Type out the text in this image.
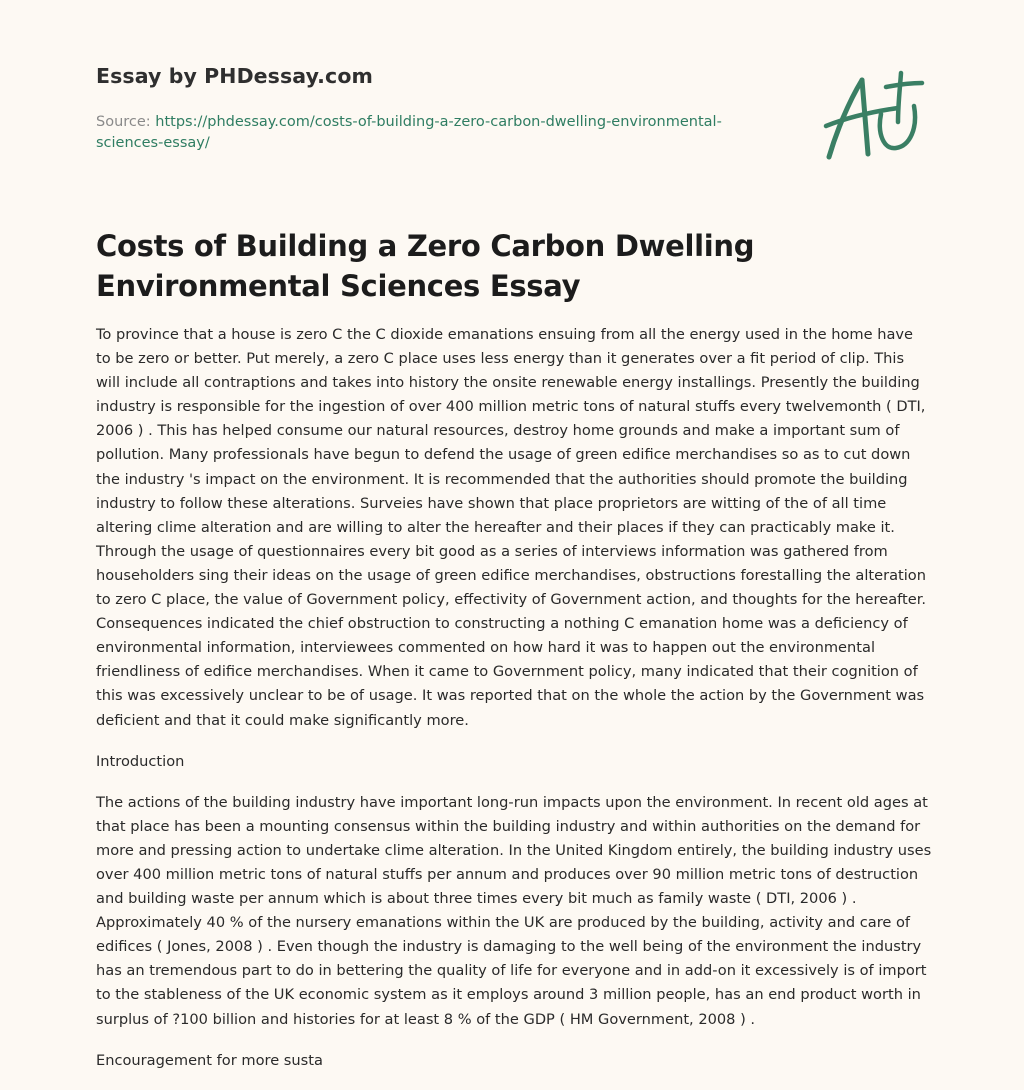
Essay by PHDessay.com
Source: https://phdessay.com/costs-of-building-a-zero-carbon-dwelling-environmental-sciences-essay/
Costs of Building a Zero Carbon Dwelling Environmental Sciences Essay

To province that a house is zero C the C dioxide emanations ensuing from all the energy used in the home have to be zero or better. Put merely, a zero C place uses less energy than it generates over a fit period of clip. This will include all contraptions and takes into history the onsite renewable energy installings. Presently the building industry is responsible for the ingestion of over 400 million metric tons of natural stuffs every twelvemonth ( DTI, 2006 ) . This has helped consume our natural resources, destroy home grounds and make a important sum of pollution. Many professionals have begun to defend the usage of green edifice merchandises so as to cut down the industry 's impact on the environment. It is recommended that the authorities should promote the building industry to follow these alterations. Surveies have shown that place proprietors are witting of the of all time altering clime alteration and are willing to alter the hereafter and their places if they can practicably make it. Through the usage of questionnaires every bit good as a series of interviews information was gathered from householders sing their ideas on the usage of green edifice merchandises, obstructions forestalling the alteration to zero C place, the value of Government policy, effectivity of Government action, and thoughts for the hereafter. Consequences indicated the chief obstruction to constructing a nothing C emanation home was a deficiency of environmental information, interviewees commented on how hard it was to happen out the environmental friendliness of edifice merchandises. When it came to Government policy, many indicated that their cognition of this was excessively unclear to be of usage. It was reported that on the whole the action by the Government was deficient and that it could make significantly more.

Introduction

The actions of the building industry have important long-run impacts upon the environment. In recent old ages at that place has been a mounting consensus within the building industry and within authorities on the demand for more and pressing action to undertake clime alteration. In the United Kingdom entirely, the building industry uses over 400 million metric tons of natural stuffs per annum and produces over 90 million metric tons of destruction and building waste per annum which is about three times every bit much as family waste ( DTI, 2006 ) . Approximately 40 % of the nursery emanations within the UK are produced by the building, activity and care of edifices ( Jones, 2008 ) . Even though the industry is damaging to the well being of the environment the industry has an tremendous part to do in bettering the quality of life for everyone and in add-on it excessively is of import to the stableness of the UK economic system as it employs around 3 million people, has an end product worth in surplus of ?100 billion and histories for at least 8 % of the GDP ( HM Government, 2008 ) .

Encouragement for more susta
